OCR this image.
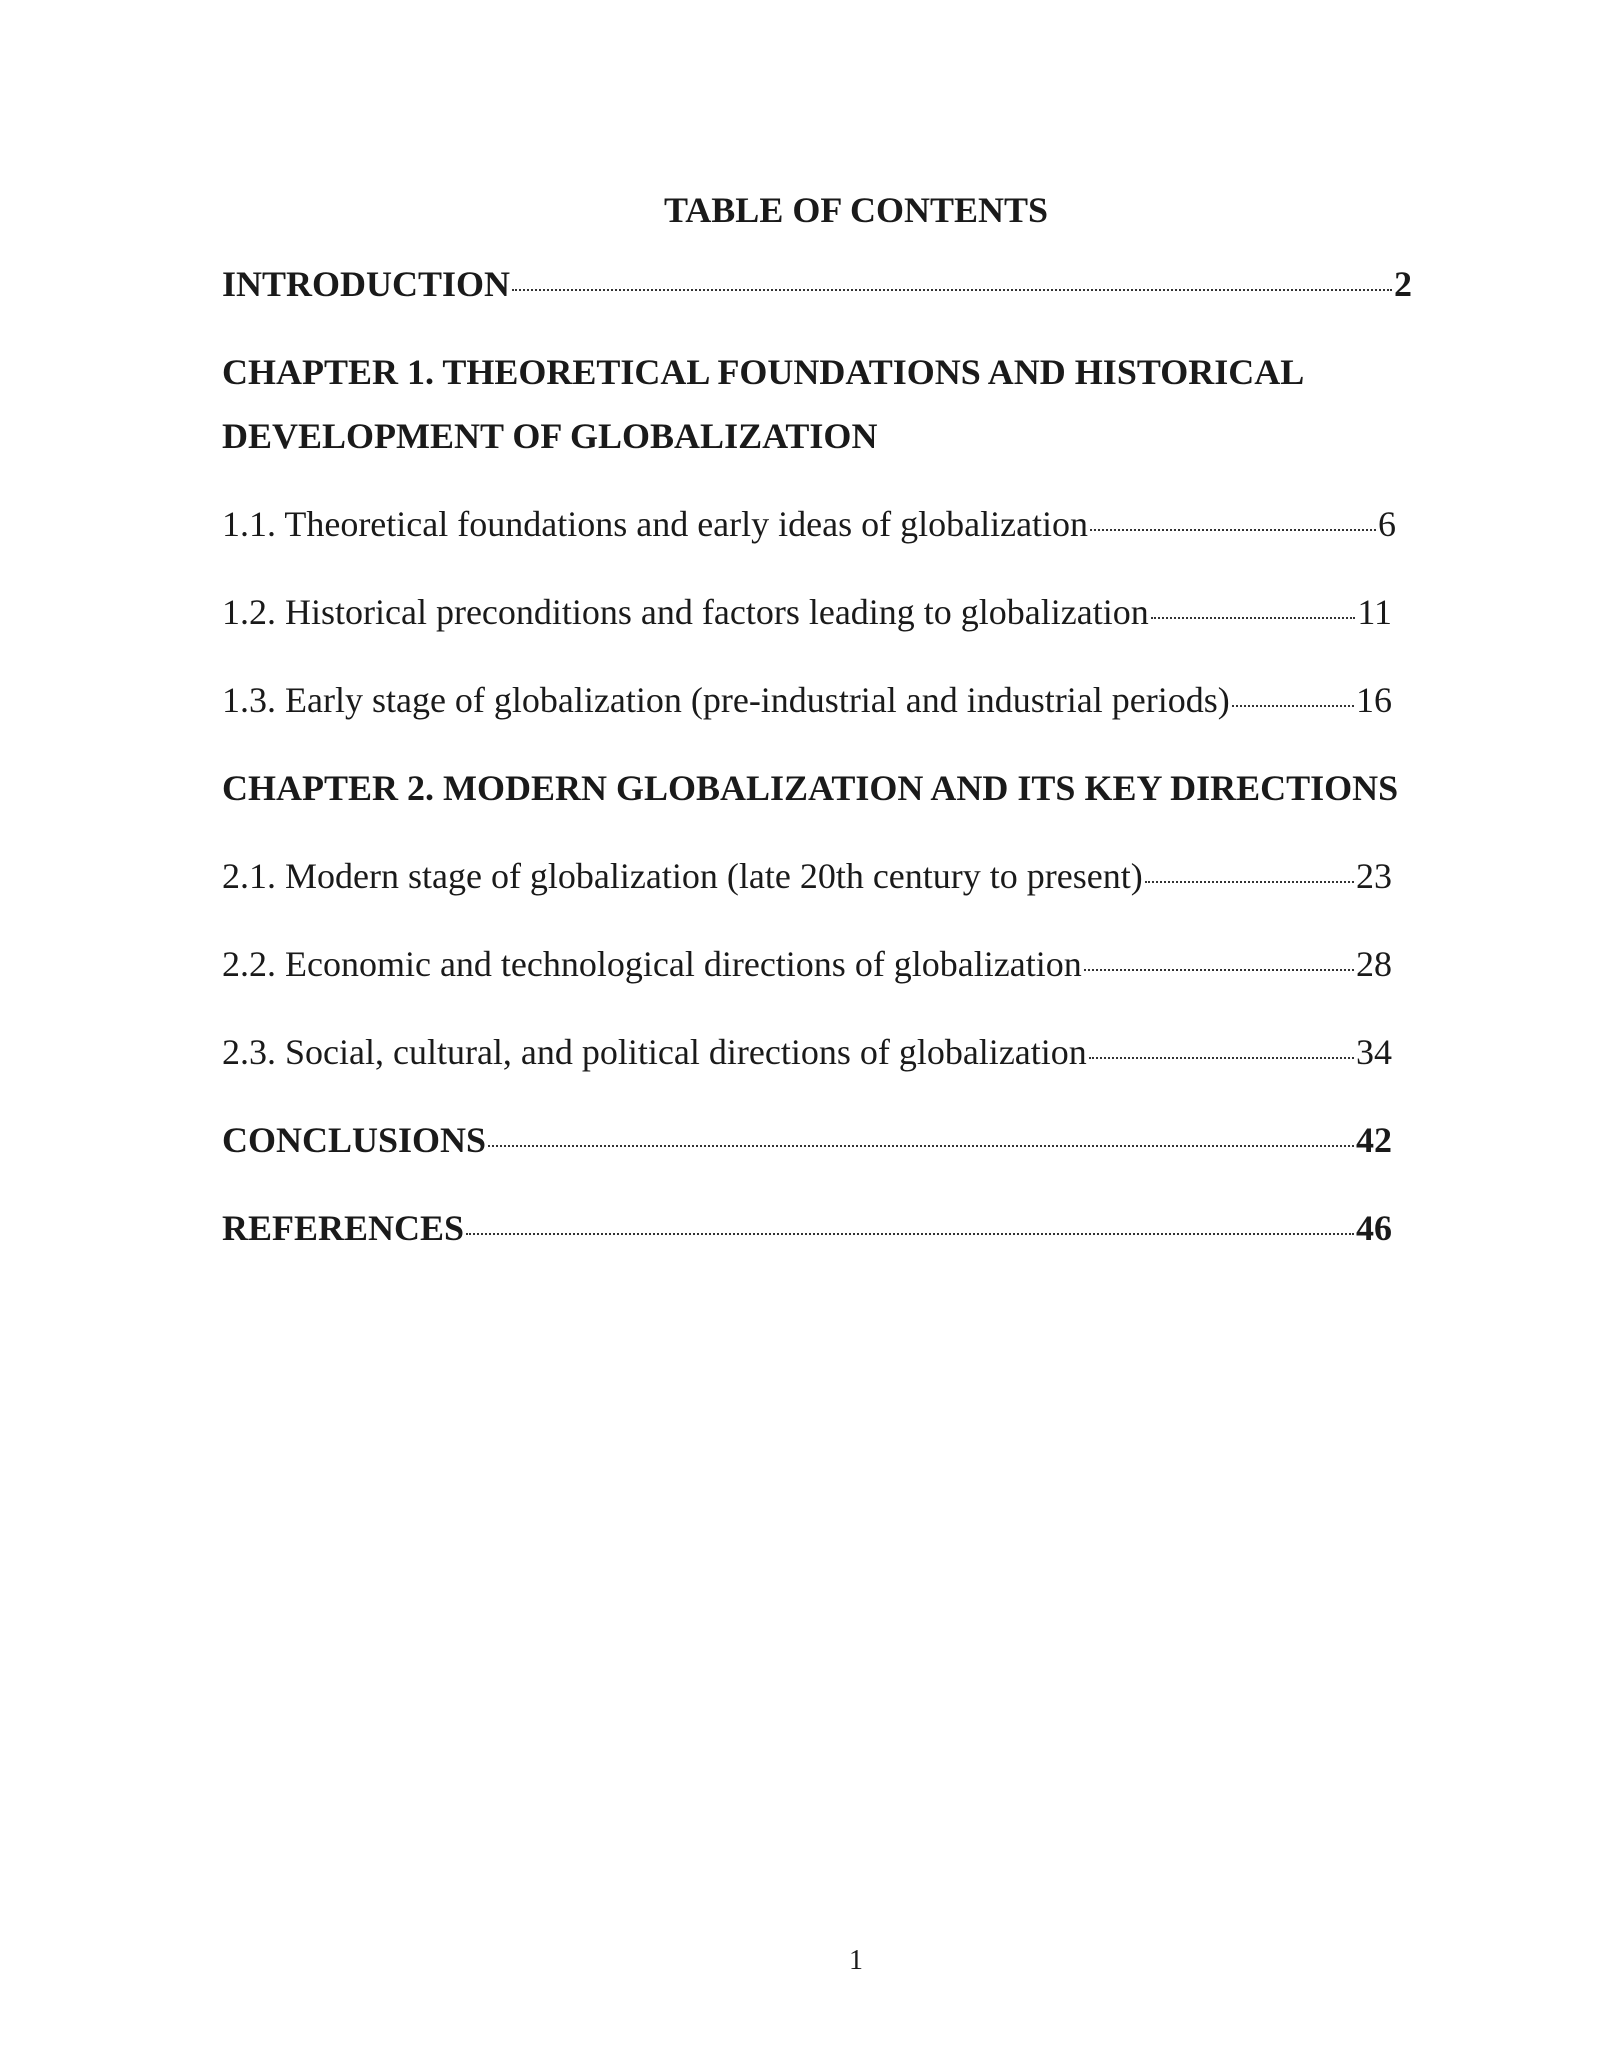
TABLE OF CONTENTS
INTRODUCTION	2
CHAPTER 1. THEORETICAL FOUNDATIONS AND HISTORICAL DEVELOPMENT OF GLOBALIZATION
1.1. Theoretical foundations and early ideas of globalization	6
1.2. Historical preconditions and factors leading to globalization	11
1.3. Early stage of globalization (pre-industrial and industrial periods)	16
CHAPTER 2. MODERN GLOBALIZATION AND ITS KEY DIRECTIONS
2.1. Modern stage of globalization (late 20th century to present)	23
2.2. Economic and technological directions of globalization	28
2.3. Social, cultural, and political directions of globalization	34
CONCLUSIONS	42
REFERENCES	46
1
